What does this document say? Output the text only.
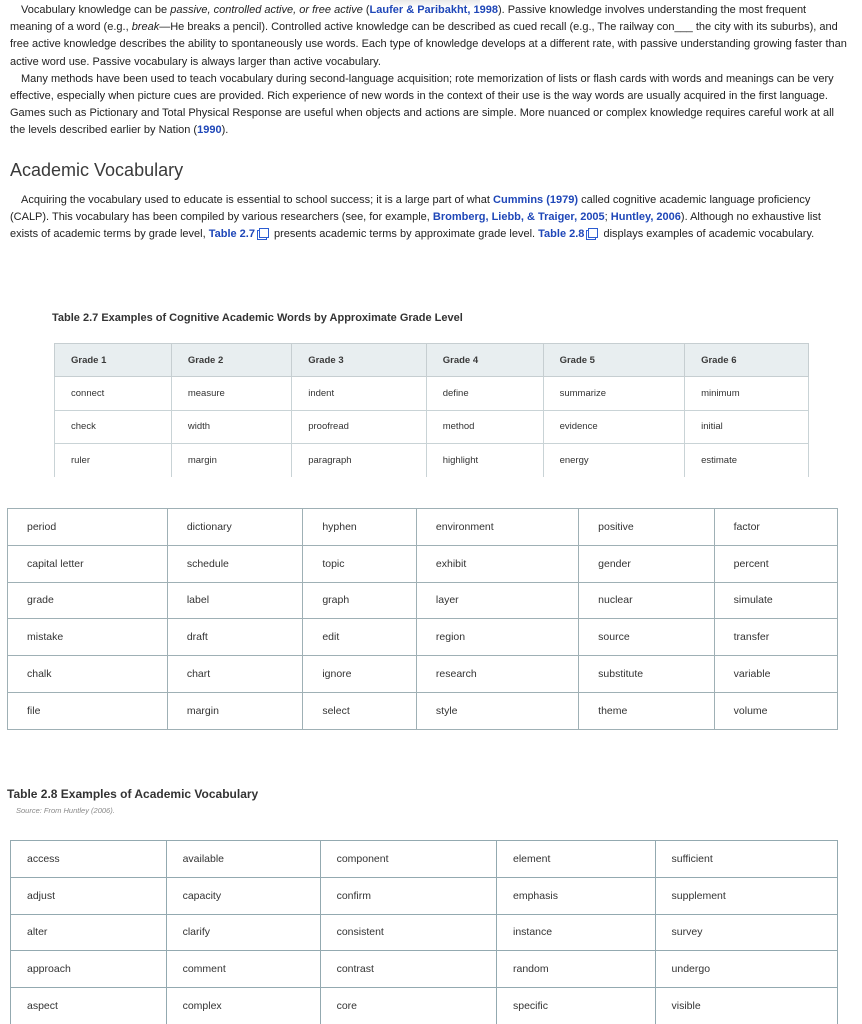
Vocabulary knowledge can be passive, controlled active, or free active (Laufer & Paribakht, 1998). Passive knowledge involves understanding the most frequent meaning of a word (e.g., break—He breaks a pencil). Controlled active knowledge can be described as cued recall (e.g., The railway con___ the city with its suburbs), and free active knowledge describes the ability to spontaneously use words. Each type of knowledge develops at a different rate, with passive understanding growing faster than active word use. Passive vocabulary is always larger than active vocabulary.
Many methods have been used to teach vocabulary during second-language acquisition; rote memorization of lists or flash cards with words and meanings can be very effective, especially when picture cues are provided. Rich experience of new words in the context of their use is the way words are usually acquired in the first language. Games such as Pictionary and Total Physical Response are useful when objects and actions are simple. More nuanced or complex knowledge requires careful work at all the levels described earlier by Nation (1990).
Academic Vocabulary
Acquiring the vocabulary used to educate is essential to school success; it is a large part of what Cummins (1979) called cognitive academic language proficiency (CALP). This vocabulary has been compiled by various researchers (see, for example, Bromberg, Liebb, & Traiger, 2005; Huntley, 2006). Although no exhaustive list exists of academic terms by grade level, Table 2.7 presents academic terms by approximate grade level. Table 2.8 displays examples of academic vocabulary.
Table 2.7 Examples of Cognitive Academic Words by Approximate Grade Level
Grade 1	Grade 2	Grade 3	Grade 4	Grade 5	Grade 6
connect	measure	indent	define	summarize	minimum
check	width	proofread	method	evidence	initial
ruler	margin	paragraph	highlight	energy	estimate
period	dictionary	hyphen	environment	positive	factor
capital letter	schedule	topic	exhibit	gender	percent
grade	label	graph	layer	nuclear	simulate
mistake	draft	edit	region	source	transfer
chalk	chart	ignore	research	substitute	variable
file	margin	select	style	theme	volume
Table 2.8 Examples of Academic Vocabulary
Source: From Huntley (2006).
access	available	component	element	sufficient
adjust	capacity	confirm	emphasis	supplement
alter	clarify	consistent	instance	survey
approach	comment	contrast	random	undergo
aspect	complex	core	specific	visible
